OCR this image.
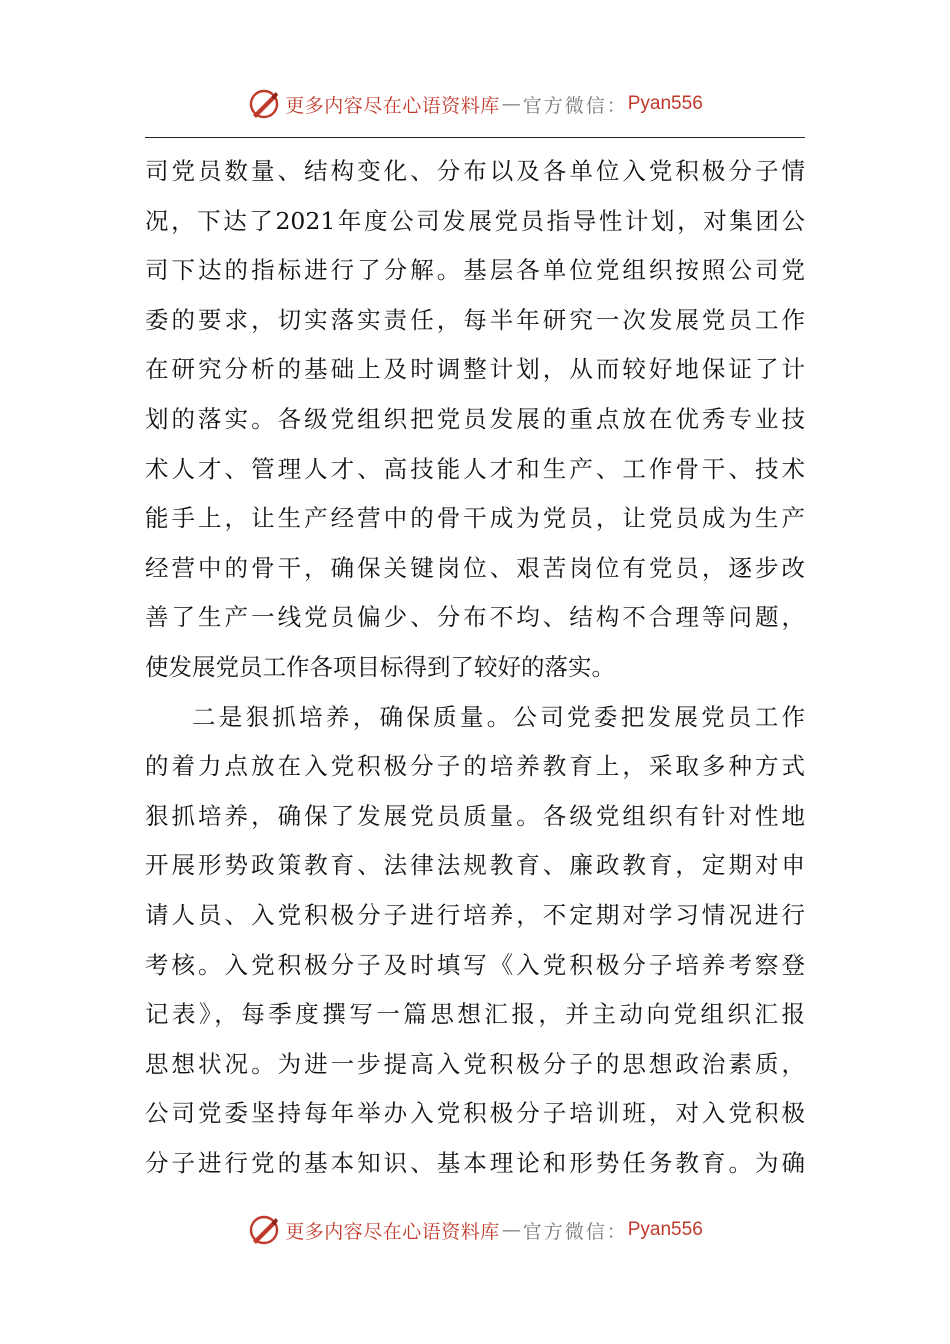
更多内容尽在心语资料库 — 官方微信： Pyan556
司党员数量、结构变化、分布以及各单位入党积极分子情
况，下达了2021年度公司发展党员指导性计划，对集团公
司下达的指标进行了分解。基层各单位党组织按照公司党
委的要求，切实落实责任，每半年研究一次发展党员工作
在研究分析的基础上及时调整计划，从而较好地保证了计
划的落实。各级党组织把党员发展的重点放在优秀专业技
术人才、管理人才、高技能人才和生产、工作骨干、技术
能手上，让生产经营中的骨干成为党员，让党员成为生产
经营中的骨干，确保关键岗位、艰苦岗位有党员，逐步改
善了生产一线党员偏少、分布不均、结构不合理等问题，
使发展党员工作各项目标得到了较好的落实。
二是狠抓培养，确保质量。公司党委把发展党员工作
的着力点放在入党积极分子的培养教育上，采取多种方式
狠抓培养，确保了发展党员质量。各级党组织有针对性地
开展形势政策教育、法律法规教育、廉政教育，定期对申
请人员、入党积极分子进行培养，不定期对学习情况进行
考核。入党积极分子及时填写《入党积极分子培养考察登
记表》，每季度撰写一篇思想汇报，并主动向党组织汇报
思想状况。为进一步提高入党积极分子的思想政治素质，
公司党委坚持每年举办入党积极分子培训班，对入党积极
分子进行党的基本知识、基本理论和形势任务教育。为确
更多内容尽在心语资料库 — 官方微信： Pyan556
